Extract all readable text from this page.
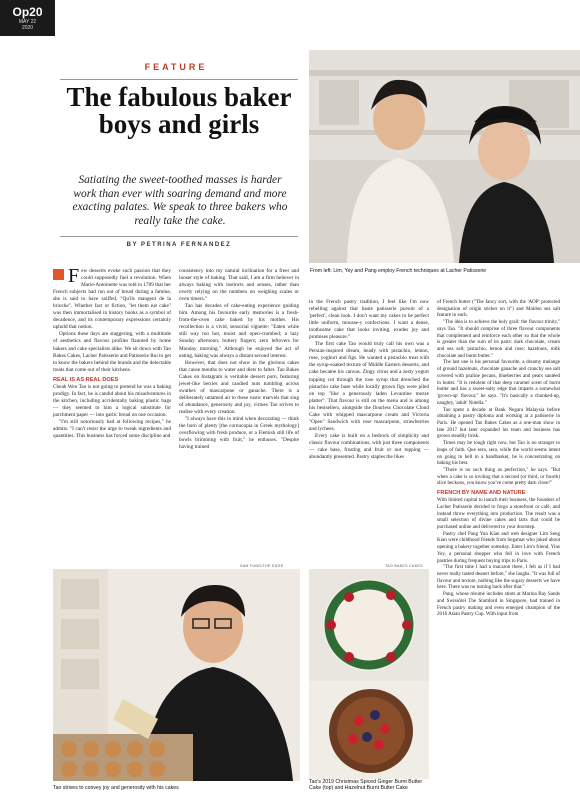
Op20
MAY 22
2020
FEATURE
The fabulous baker boys and girls
Satiating the sweet-toothed masses is harder work than ever with soaring demand and more exacting palates. We speak to three bakers who really take the cake.
BY PETRINA FERNANDEZ
From left: Lim, Yey and Pang employ French techniques at Lacher Patisserie

Few desserts evoke such passion that they could supposedly fuel a revolution. When Marie-Antoinette was told in 1789 that her French subjects had run out of bread during a famine, she is said to have sniffed, "Qu'ils mangent de la brioche". Whether fact or fiction, "let them eat cake" was then immortalised in history books as a symbol of decadence, and its contemporary expressions certainly uphold that notion.

Options these days are staggering, with a multitude of aesthetics and flavour profiles flaunted by home bakers and cake specialists alike. We sit down with Tao Bakes Cakes, Lacher Patisserie and Patisserie Rui to get to know the bakers behind the brands and the delectable treats that come out of their kitchens.

REAL IS AS REAL DOES

Cheah Wen Tao is not going to pretend he was a baking prodigy. In fact, he is candid about his misadventures in the kitchen, including accidentally baking plastic bags — they seemed to him a logical substitute for parchment paper — into garlic bread on one occasion.

"I'm still notoriously bad at following recipes," he admits. "I can't resist the urge to tweak ingredients and quantities. This business has forced some discipline and

consistency into my natural inclination for a freer and looser style of baking. That said, I am a firm believer in always baking with instincts and senses, rather than overly relying on the numbers on weighing scales or oven timers."

Tao has decades of cake-eating experience guiding him. Among his favourite early memories is a fresh-from-the-oven cake baked by his mother. His recollection is a vivid, sensorial vignette: "Eaten while still way too hot, moist and open-crumbed; a lazy Sunday afternoon; buttery fingers; zero leftovers for Monday morning." Although he enjoyed the act of eating, baking was always a distant second interest.

However, that does not show in the glorious cakes that cause mouths to water and diets to falter. Tao Bakes Cakes on Instagram is veritable dessert porn, featuring jewel-like berries and candied nuts tumbling across swathes of mascarpone or ganache. There is a deliberately untamed air to these rustic marvels that sing of abundance, generosity and joy, virtues Tao strives to realise with every creation.

"I always have this in mind when decorating — think the horn of plenty [the cornucopia in Greek mythology] overflowing with fresh produce, or a Flemish still life of bowls brimming with fruit," he enthuses. "Despite having trained

in the French pastry tradition, I feel like I'm now rebelling against that haute patisserie pursuit of a 'perfect', clean look. I don't want my cakes to be perfect little uniform, mousse-y confections. I want a dense, toothsome cake that looks inviting, exudes joy and promises pleasure."

The first cake Tao would truly call his own was a Persian-inspired dream, heady with pistachio, lemon, rose, yoghurt and figs. He wanted a pistachio treat with the syrup-soaked texture of Middle Eastern desserts, and cake became his canvas. Zingy citrus and a zesty yogurt topping cut through the rose syrup that drenched the pistachio cake base while locally grown figs were piled on top "like a generously laden Levantine mezze platter". That flavour is still on the menu and is among his bestsellers, alongside the flourless Chocolate Cloud Cake with whipped mascarpone cream and Victoria "Open" Sandwich with rose mascarpone, strawberries and lychees.

Every cake is built on a bedrock of simplicity and classic flavour combinations, with just three components — cake base, frosting and fruit or nut topping — abundantly presented. Pastry staples the likes

of French butter ("The fancy sort, with the 'AOP' protected designation of origin sticker on it") and Maldon sea salt feature in each.

"The idea is to achieve the holy grail: the flavour trinity," says Tao. "It should comprise of three flavour components that complement and reinforce each other so that the whole is greater than the sum of its parts: dark chocolate, cream and sea salt; pistachio, lemon and rose; hazelnuts, milk chocolate and burnt butter."

The last one is his personal favourite, a dreamy melange of ground hazelnuts, chocolate ganache and crunchy sea salt covered with praline pecans, blueberries and pears sautéed in butter. "It is redolent of that deep caramel scent of burnt butter and has a sweet-salty edge that imparts a somewhat 'grown-up' flavour," he says. "It's basically a chunked-up, naughty, 'adult' Nutella."

Tao spent a decade at Bank Negara Malaysia before obtaining a pastry diploma and working at a patisserie in Paris. He opened Tao Bakes Cakes as a one-man show in late 2017 but later expanded his team and business has grown steadily brisk.

Times may be tough right now, but Tao is no stranger to leaps of faith. Que sera, sera, while the world seems intent on going to hell in a handbasket, he is concentrating on baking his best.

"There is no such thing as perfection," he says. "But when a cake is so inviting that a second (or third, or fourth) slice beckons, you know you've come pretty darn close!"

FRENCH BY NAME AND NATURE

With limited capital to launch their business, the founders of Lacher Patisserie decided to forgo a storefront or café, and instead throw everything into production. The result was a small selection of divine cakes and tarts that could be purchased online and delivered to your doorstep.

Pastry chef Pang Yun Kian and web designer Lim Seng Kian were childhood friends from Segamat who joked about opening a bakery together someday. Enter Lim's friend, Yins Yey, a personal shopper who fell in love with French pastries during frequent buying trips to Paris.

"The first time I had a macaron there, I felt as if I had never really tasted dessert before," she laughs. "It was full of flavour and texture, nothing like the sugary desserts we have here. There was no turning back after that."

Pang, whose résumé includes stints at Marina Bay Sands and Swissôtel The Stamford in Singapore, had trained in French pastry making and even emerged champion of the 2016 Asian Pastry Cup. With input from

SAM FUNG/THE EDGE
Tao strives to convey joy and generosity with his cakes
TAO BAKES CAKES
Tao's 2019 Christmas Spiced Ginger Burnt Butter Cake (top) and Hazelnut Burnt Butter Cake
